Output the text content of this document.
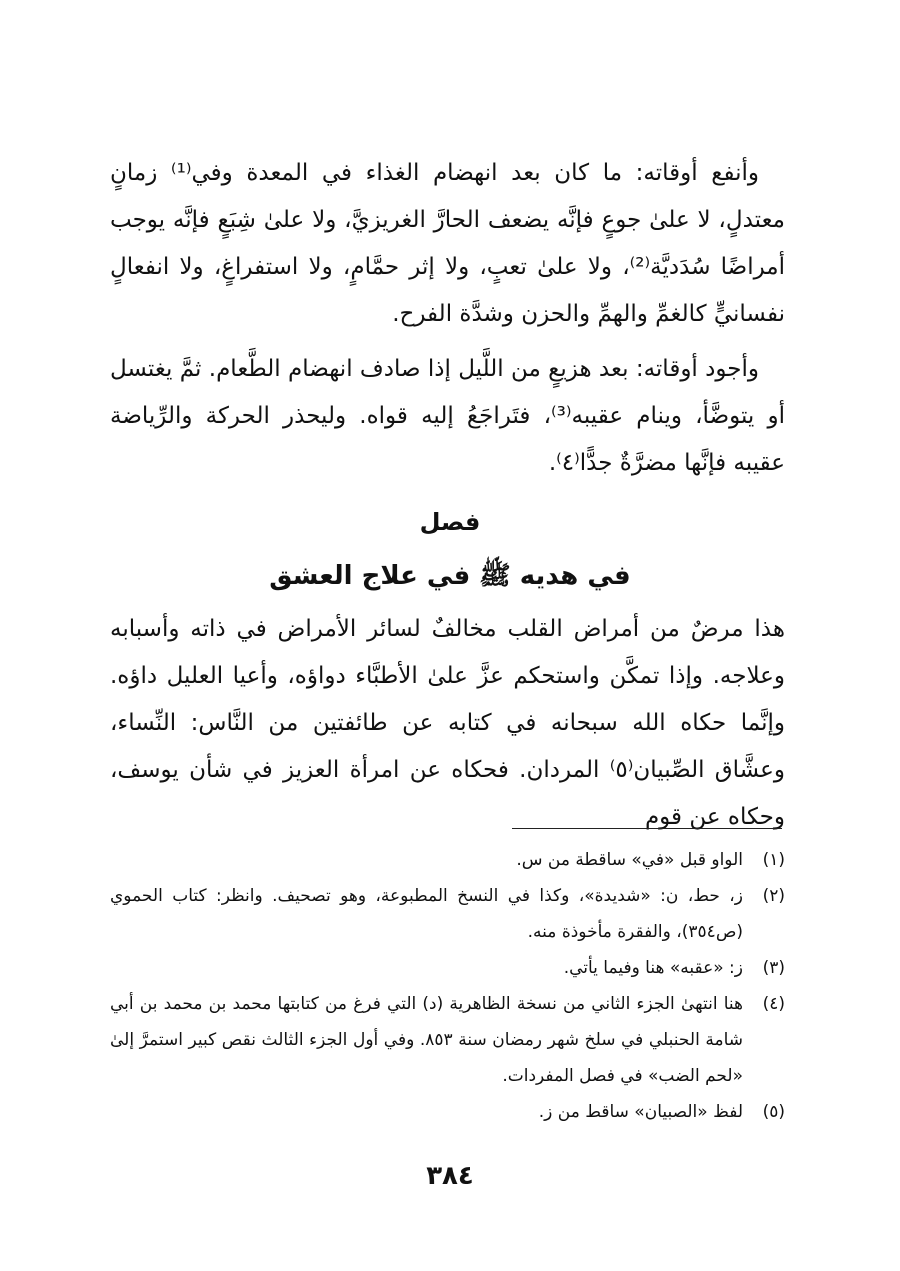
وأنفع أوقاته: ما كان بعد انهضام الغذاء في المعدة وفي⁽¹⁾ زمانٍ معتدلٍ، لا علىٰ جوعٍ فإنَّه يضعف الحارَّ الغريزيَّ، ولا علىٰ شِبَعٍ فإنَّه يوجب أمراضًا سُدَديَّة⁽²⁾، ولا علىٰ تعبٍ، ولا إثر حمَّامٍ، ولا استفراغٍ، ولا انفعالٍ نفسانيٍّ كالغمِّ والهمِّ والحزن وشدَّة الفرح.

وأجود أوقاته: بعد هزيعٍ من اللَّيل إذا صادف انهضام الطَّعام. ثمَّ يغتسل أو يتوضَّأ، وينام عقيبه⁽³⁾، فتَراجَعُ إليه قواه. وليحذر الحركة والرِّياضة عقيبه فإنَّها مضرَّةٌ جدًّا⁽٤⁾.

فصل
في هديه ﷺ في علاج العشق

هذا مرضٌ من أمراض القلب مخالفٌ لسائر الأمراض في ذاته وأسبابه وعلاجه. وإذا تمكَّن واستحكم عزَّ علىٰ الأطبَّاء دواؤه، وأعيا العليل داؤه. وإنَّما حكاه الله سبحانه في كتابه عن طائفتين من النَّاس: النِّساء، وعشَّاق الصِّبيان⁽٥⁾ المردان. فحكاه عن امرأة العزيز في شأن يوسف، وحكاه عن قوم

(١)
الواو قبل «في» ساقطة من س.
(٢)
ز، حط، ن: «شديدة»، وكذا في النسخ المطبوعة، وهو تصحيف. وانظر: كتاب الحموي (ص٣٥٤)، والفقرة مأخوذة منه.
(٣)
ز: «عقبه» هنا وفيما يأتي.
(٤)
هنا انتهىٰ الجزء الثاني من نسخة الظاهرية (د) التي فرغ من كتابتها محمد بن محمد بن أبي شامة الحنبلي في سلخ شهر رمضان سنة ٨٥٣. وفي أول الجزء الثالث نقص كبير استمرَّ إلىٰ «لحم الضب» في فصل المفردات.
(٥)
لفظ «الصبيان» ساقط من ز.
٣٨٤
